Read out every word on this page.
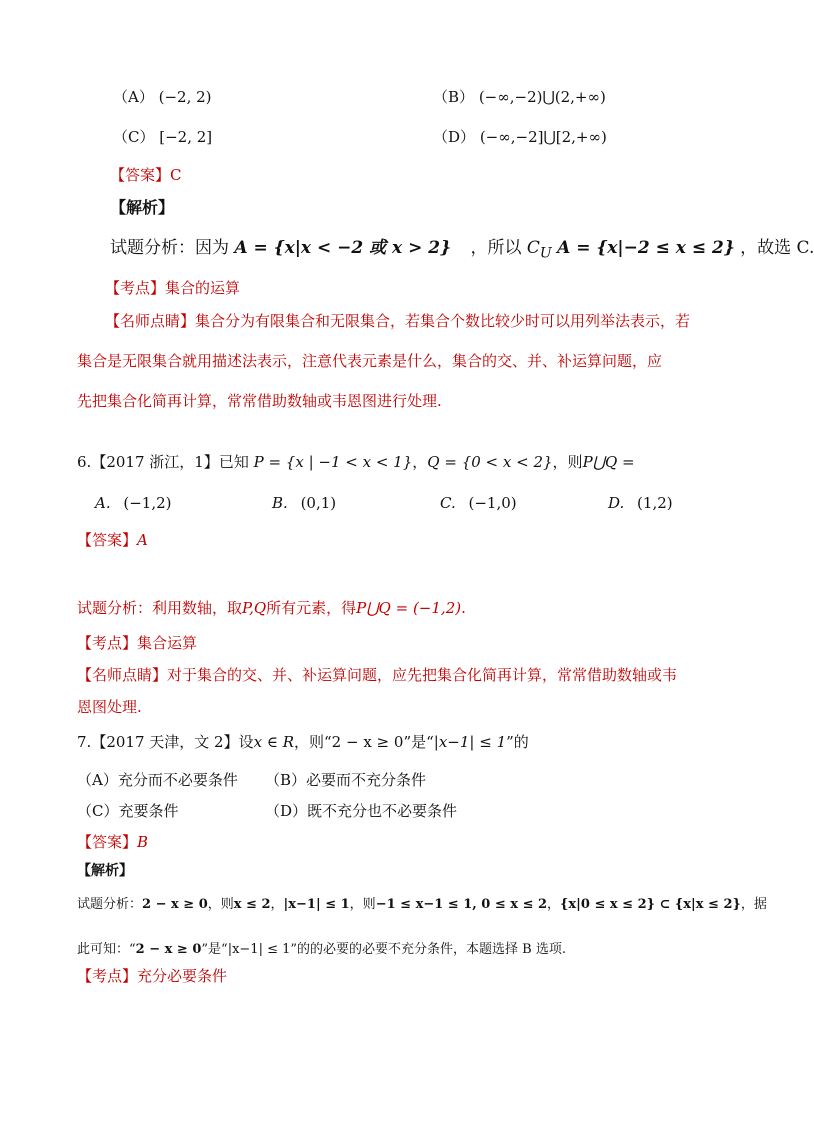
（A） (−2, 2)	（B） (−∞,−2)⋃(2,+∞)
（C） [−2, 2]	（D） (−∞,−2]⋃[2,+∞)
【答案】C
【解析】
试题分析：因为 A = {x|x < −2 或 x > 2} ，所以 $C_U$ A = {x|−2 ≤ x ≤ 2} ，故选 C.
【考点】集合的运算
【名师点睛】集合分为有限集合和无限集合，若集合个数比较少时可以用列举法表示，若
集合是无限集合就用描述法表示，注意代表元素是什么，集合的交、并、补运算问题，应
先把集合化简再计算，常常借助数轴或韦恩图进行处理.
6.【2017 浙江，1】已知 P = {x | −1 < x < 1}，Q = {0 < x < 2}，则P⋃Q =
A. (−1,2)	B. (0,1)	C. (−1,0)	D. (1,2)
【答案】A
试题分析：利用数轴，取P,Q所有元素，得P⋃Q = (−1,2).
【考点】集合运算
【名师点睛】对于集合的交、并、补运算问题，应先把集合化简再计算，常常借助数轴或韦
恩图处理.
7.【2017 天津，文 2】设x ∈ R，则“2 − x ≥ 0”是“|x−1| ≤ 1”的
（A）充分而不必要条件 （B）必要而不充分条件
（C）充要条件	（D）既不充分也不必要条件
【答案】B
【解析】
试题分析：2 − x ≥ 0，则x ≤ 2，|x−1| ≤ 1，则−1 ≤ x−1 ≤ 1, 0 ≤ x ≤ 2，{x|0 ≤ x ≤ 2} ⊂ {x|x ≤ 2}，据
此可知：“2 − x ≥ 0”是“|x−1| ≤ 1”的的必要的必要不充分条件，本题选择 B 选项.
【考点】充分必要条件
